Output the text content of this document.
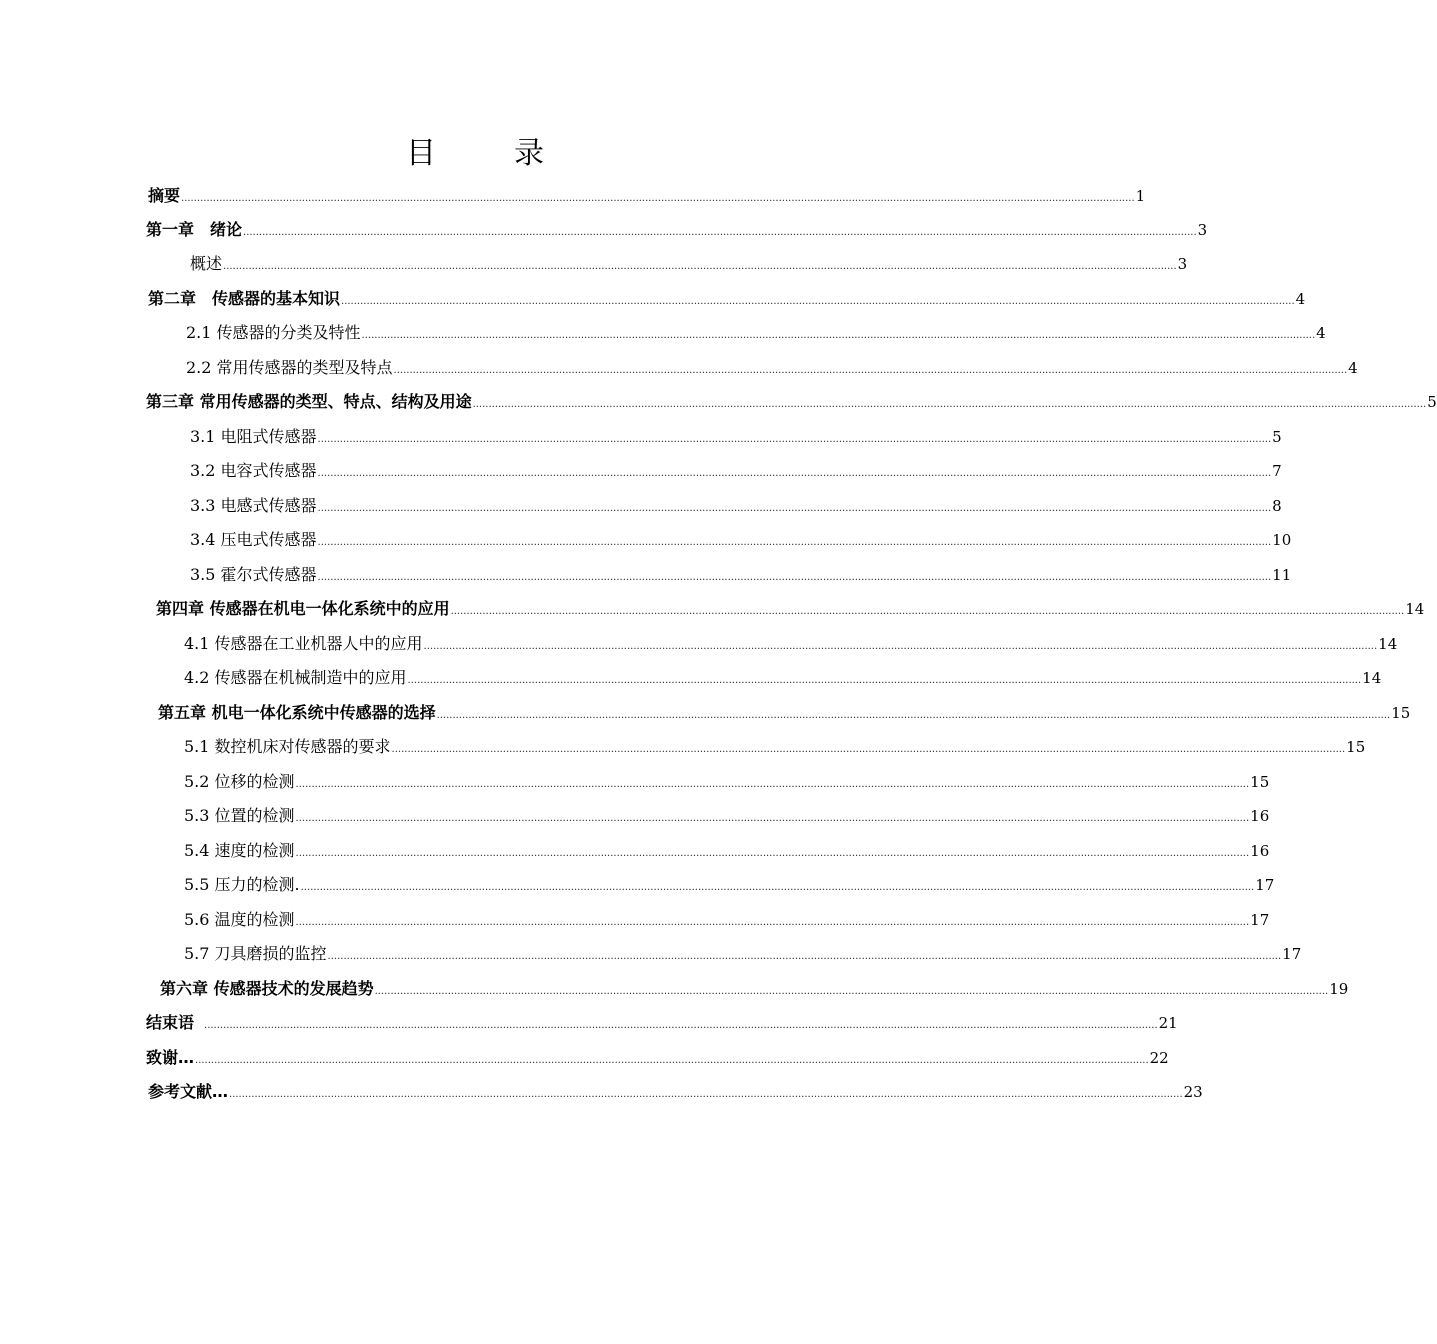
目　录
摘要 ............................................................................................................................................................................................................................................................................................................ 1
第一章　绪论 ............................................................................................................................................................................................................................................................................................................ 3
概述 ............................................................................................................................................................................................................................................................................................................ 3
第二章　传感器的基本知识 ............................................................................................................................................................................................................................................................................................................ 4
2.1 传感器的分类及特性 ............................................................................................................................................................................................................................................................................................................ 4
2.2 常用传感器的类型及特点 ............................................................................................................................................................................................................................................................................................................ 4
第三章 常用传感器的类型、特点、结构及用途 ............................................................................................................................................................................................................................................................................................................ 5
3.1 电阻式传感器 ............................................................................................................................................................................................................................................................................................................ 5
3.2 电容式传感器 ............................................................................................................................................................................................................................................................................................................ 7
3.3 电感式传感器 ............................................................................................................................................................................................................................................................................................................ 8
3.4 压电式传感器 ............................................................................................................................................................................................................................................................................................................ 10
3.5 霍尔式传感器 ............................................................................................................................................................................................................................................................................................................ 11
第四章 传感器在机电一体化系统中的应用 ............................................................................................................................................................................................................................................................................................................ 14
4.1 传感器在工业机器人中的应用 ............................................................................................................................................................................................................................................................................................................ 14
4.2 传感器在机械制造中的应用 ............................................................................................................................................................................................................................................................................................................ 14
第五章 机电一体化系统中传感器的选择 ............................................................................................................................................................................................................................................................................................................ 15
5.1 数控机床对传感器的要求 ............................................................................................................................................................................................................................................................................................................ 15
5.2 位移的检测 ............................................................................................................................................................................................................................................................................................................ 15
5.3 位置的检测 ............................................................................................................................................................................................................................................................................................................ 16
5.4 速度的检测 ............................................................................................................................................................................................................................................................................................................ 16
5.5 压力的检测. ............................................................................................................................................................................................................................................................................................................ 17
5.6 温度的检测 ............................................................................................................................................................................................................................................................................................................ 17
5.7 刀具磨损的监控 ............................................................................................................................................................................................................................................................................................................ 17
第六章 传感器技术的发展趋势 ............................................................................................................................................................................................................................................................................................................ 19
结束语 ............................................................................................................................................................................................................................................................................................................ 21
致谢… ............................................................................................................................................................................................................................................................................................................ 22
参考文献… ............................................................................................................................................................................................................................................................................................................ 23
